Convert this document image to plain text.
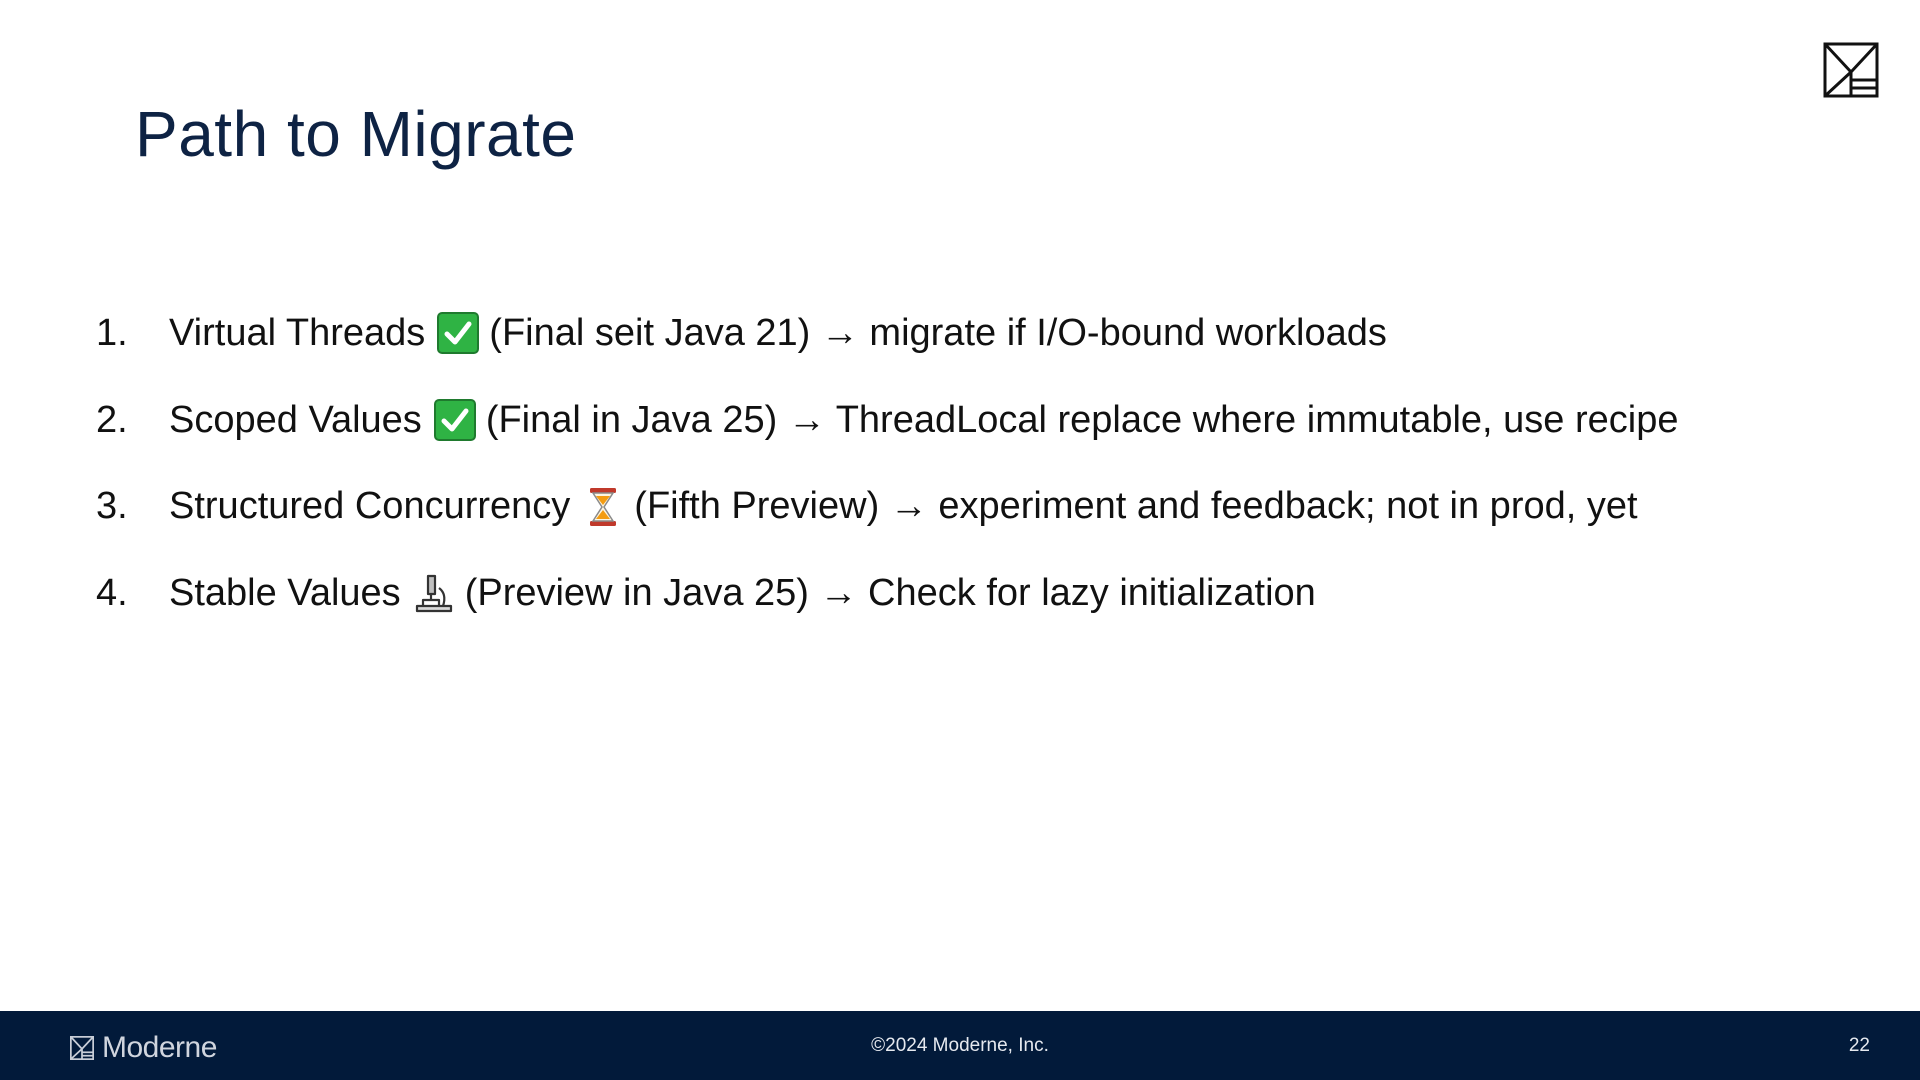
Path to Migrate
1.	Virtual Threads (Final seit Java 21) → migrate if I/O-bound workloads
2.	Scoped Values (Final in Java 25) → ThreadLocal replace where immutable, use recipe
3.	Structured Concurrency (Fifth Preview) → experiment and feedback; not in prod, yet
4.	Stable Values (Preview in Java 25) → Check for lazy initialization
Moderne	©2024 Moderne, Inc.	22
